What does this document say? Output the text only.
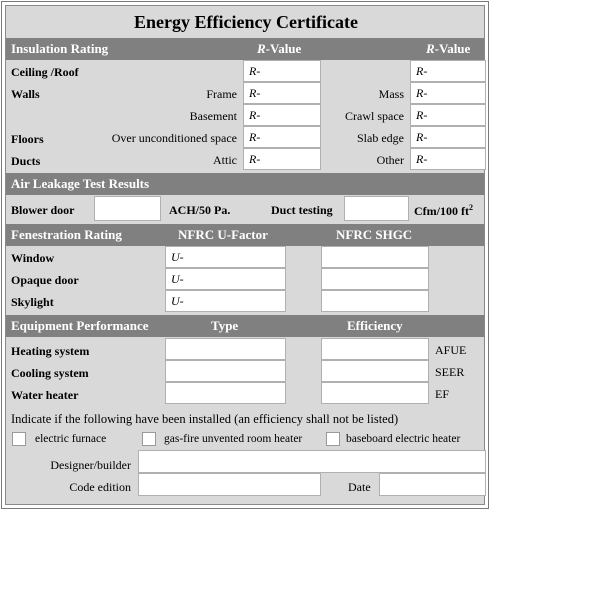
Energy Efficiency Certificate
Insulation Rating	R-Value	R-Value
Ceiling /Roof	R-	R-
Walls	Frame	R-	Mass	R-
Basement	R-	Crawl space	R-
Floors	Over unconditioned space	R-	Slab edge	R-
Ducts	Attic	R-	Other	R-
Air Leakage Test Results
Blower door	ACH/50 Pa.	Duct testing	Cfm/100 $ft^2$
Fenestration Rating	NFRC U-Factor	NFRC SHGC
Window	U-
Opaque door	U-
Skylight	U-
Equipment Performance	Type	Efficiency
Heating system	AFUE
Cooling system	SEER
Water heater	EF
Indicate if the following have been installed (an efficiency shall not be listed)
electric furnace	gas-fire unvented room heater	baseboard electric heater
Designer/builder
Code edition	Date
